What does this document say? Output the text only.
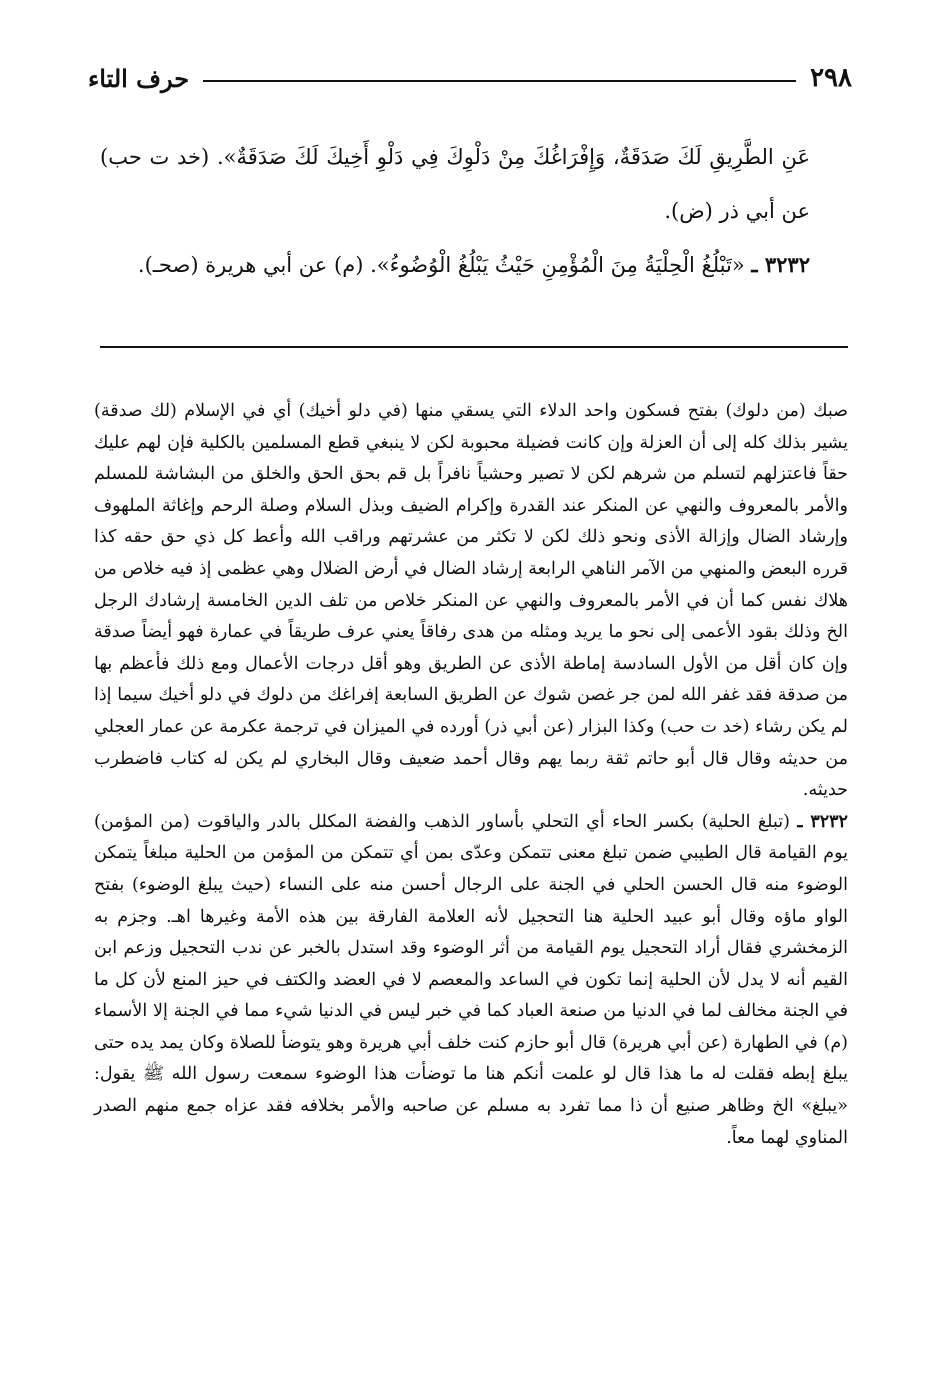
٢٩٨
حرف التاء

عَنِ الطَّرِيقِ لَكَ صَدَقَةٌ، وَإِفْرَاغُكَ مِنْ دَلْوِكَ فِي دَلْوِ أَخِيكَ لَكَ صَدَقَةٌ». (خد ت حب) عن أبي ذر (ض).

٣٢٣٢ ـ «تَبْلُغُ الْحِلْيَةُ مِنَ الْمُؤْمِنِ حَيْثُ يَبْلُغُ الْوُضُوءُ». (م) عن أبي هريرة (صحـ).

صبك (من دلوك) بفتح فسكون واحد الدلاء التي يسقي منها (في دلو أخيك) أي في الإسلام (لك صدقة) يشير بذلك كله إلى أن العزلة وإن كانت فضيلة محبوبة لكن لا ينبغي قطع المسلمين بالكلية فإن لهم عليك حقاً فاعتزلهم لتسلم من شرهم لكن لا تصير وحشياً نافراً بل قم بحق الحق والخلق من البشاشة للمسلم والأمر بالمعروف والنهي عن المنكر عند القدرة وإكرام الضيف وبذل السلام وصلة الرحم وإغاثة الملهوف وإرشاد الضال وإزالة الأذى ونحو ذلك لكن لا تكثر من عشرتهم وراقب الله وأعط كل ذي حق حقه كذا قرره البعض والمنهي من الآمر الناهي الرابعة إرشاد الضال في أرض الضلال وهي عظمى إذ فيه خلاص من هلاك نفس كما أن في الأمر بالمعروف والنهي عن المنكر خلاص من تلف الدين الخامسة إرشادك الرجل الخ وذلك بقود الأعمى إلى نحو ما يريد ومثله من هدى رفاقاً يعني عرف طريقاً في عمارة فهو أيضاً صدقة وإن كان أقل من الأول السادسة إماطة الأذى عن الطريق وهو أقل درجات الأعمال ومع ذلك فأعظم بها من صدقة فقد غفر الله لمن جر غصن شوك عن الطريق السابعة إفراغك من دلوك في دلو أخيك سيما إذا لم يكن رشاء (خد ت حب) وكذا البزار (عن أبي ذر) أورده في الميزان في ترجمة عكرمة عن عمار العجلي من حديثه وقال قال أبو حاتم ثقة ربما يهم وقال أحمد ضعيف وقال البخاري لم يكن له كتاب فاضطرب حديثه.

٣٢٣٢ ـ (تبلغ الحلية) بكسر الحاء أي التحلي بأساور الذهب والفضة المكلل بالدر والياقوت (من المؤمن) يوم القيامة قال الطيبي ضمن تبلغ معنى تتمكن وعدّى بمن أي تتمكن من المؤمن من الحلية مبلغاً يتمكن الوضوء منه قال الحسن الحلي في الجنة على الرجال أحسن منه على النساء (حيث يبلغ الوضوء) بفتح الواو ماؤه وقال أبو عبيد الحلية هنا التحجيل لأنه العلامة الفارقة بين هذه الأمة وغيرها اهـ. وجزم به الزمخشري فقال أراد التحجيل يوم القيامة من أثر الوضوء وقد استدل بالخبر عن ندب التحجيل وزعم ابن القيم أنه لا يدل لأن الحلية إنما تكون في الساعد والمعصم لا في العضد والكتف في حيز المنع لأن كل ما في الجنة مخالف لما في الدنيا من صنعة العباد كما في خبر ليس في الدنيا شيء مما في الجنة إلا الأسماء (م) في الطهارة (عن أبي هريرة) قال أبو حازم كنت خلف أبي هريرة وهو يتوضأ للصلاة وكان يمد يده حتى يبلغ إبطه فقلت له ما هذا قال لو علمت أنكم هنا ما توضأت هذا الوضوء سمعت رسول الله ﷺ يقول: «يبلغ» الخ وظاهر صنيع أن ذا مما تفرد به مسلم عن صاحبه والأمر بخلافه فقد عزاه جمع منهم الصدر المناوي لهما معاً.
